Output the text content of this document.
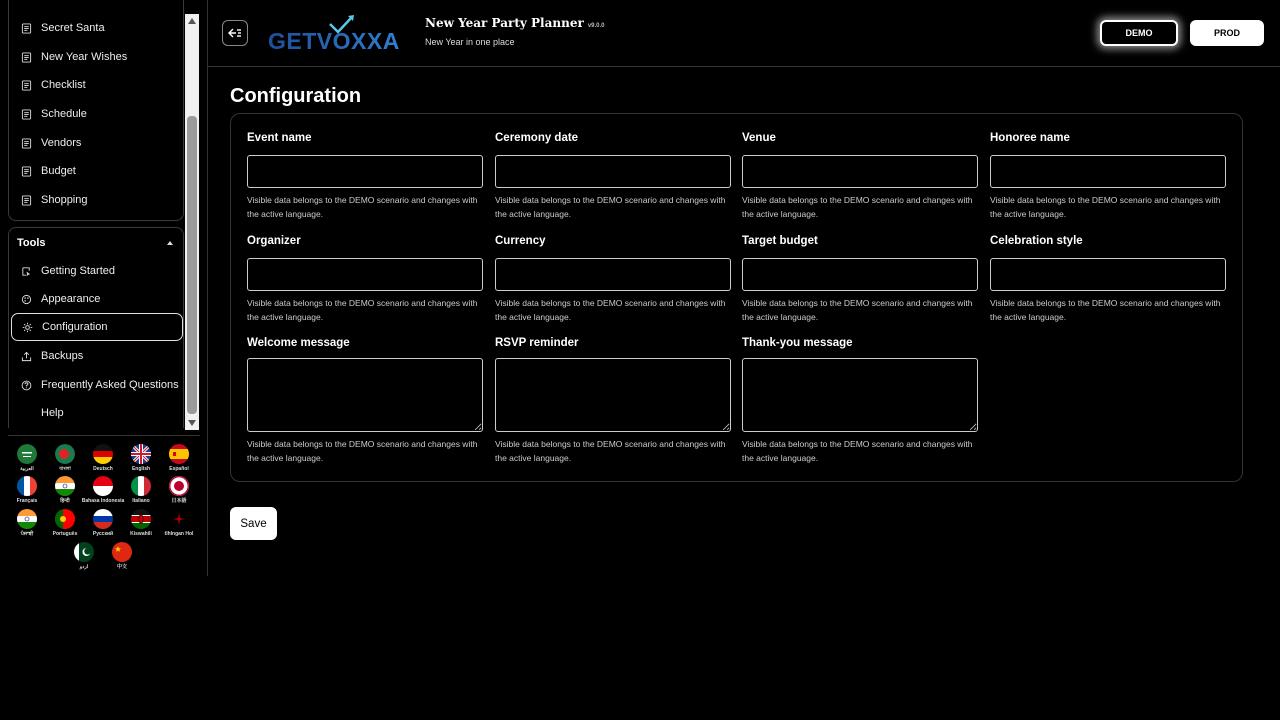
Secret Santa
New Year Wishes
Checklist
Schedule
Vendors
Budget
Shopping
Tools
Getting Started
Appearance
Configuration
Backups
Frequently Asked Questions
Help
العربية	বাংলা	Deutsch	English	Español
Français	हिन्दी Bahasa Indonesia Italiano	日本語
ਪੰਜਾਬੀ	Português	Русский	Kiswahili	tlhIngan Hol
اردو	中文
GETVOXXA
New Year Party Planner v9.0.0
New Year in one place
DEMO	PROD
Configuration
Event name
Visible data belongs to the DEMO scenario and changes with the active language.
Ceremony date
Visible data belongs to the DEMO scenario and changes with the active language.
Venue
Visible data belongs to the DEMO scenario and changes with the active language.
Honoree name
Visible data belongs to the DEMO scenario and changes with the active language.
Organizer
Visible data belongs to the DEMO scenario and changes with the active language.
Currency
Visible data belongs to the DEMO scenario and changes with the active language.
Target budget
Visible data belongs to the DEMO scenario and changes with the active language.
Celebration style
Visible data belongs to the DEMO scenario and changes with the active language.
Welcome message
Visible data belongs to the DEMO scenario and changes with the active language.
RSVP reminder
Visible data belongs to the DEMO scenario and changes with the active language.
Thank-you message
Visible data belongs to the DEMO scenario and changes with the active language.
Save
